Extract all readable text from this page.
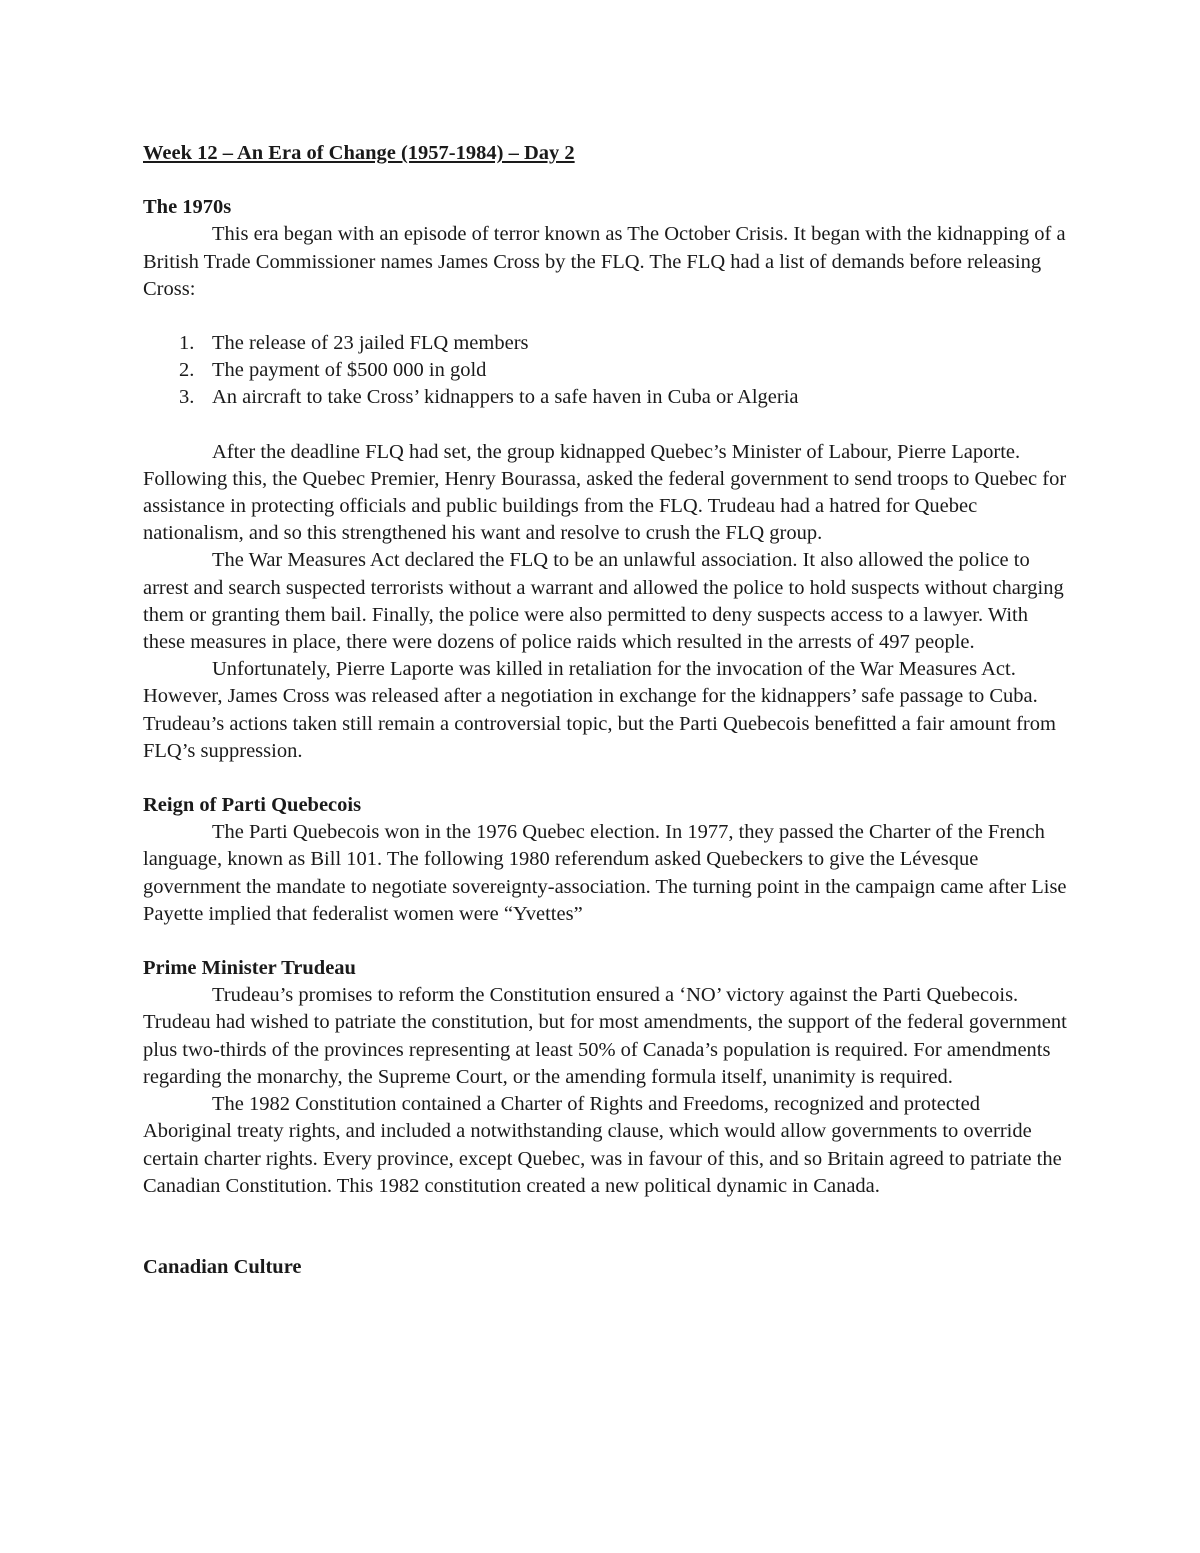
Week 12 – An Era of Change (1957-1984) – Day 2

The 1970s

This era began with an episode of terror known as The October Crisis. It began with the kidnapping of a British Trade Commissioner names James Cross by the FLQ. The FLQ had a list of demands before releasing Cross:

1. The release of 23 jailed FLQ members
2. The payment of $500 000 in gold
3. An aircraft to take Cross’ kidnappers to a safe haven in Cuba or Algeria

After the deadline FLQ had set, the group kidnapped Quebec’s Minister of Labour, Pierre Laporte. Following this, the Quebec Premier, Henry Bourassa, asked the federal government to send troops to Quebec for assistance in protecting officials and public buildings from the FLQ. Trudeau had a hatred for Quebec nationalism, and so this strengthened his want and resolve to crush the FLQ group.

The War Measures Act declared the FLQ to be an unlawful association. It also allowed the police to arrest and search suspected terrorists without a warrant and allowed the police to hold suspects without charging them or granting them bail. Finally, the police were also permitted to deny suspects access to a lawyer. With these measures in place, there were dozens of police raids which resulted in the arrests of 497 people.

Unfortunately, Pierre Laporte was killed in retaliation for the invocation of the War Measures Act. However, James Cross was released after a negotiation in exchange for the kidnappers’ safe passage to Cuba. Trudeau’s actions taken still remain a controversial topic, but the Parti Quebecois benefitted a fair amount from FLQ’s suppression.

Reign of Parti Quebecois

The Parti Quebecois won in the 1976 Quebec election. In 1977, they passed the Charter of the French language, known as Bill 101. The following 1980 referendum asked Quebeckers to give the Lévesque government the mandate to negotiate sovereignty-association. The turning point in the campaign came after Lise Payette implied that federalist women were “Yvettes”

Prime Minister Trudeau

Trudeau’s promises to reform the Constitution ensured a ‘NO’ victory against the Parti Quebecois. Trudeau had wished to patriate the constitution, but for most amendments, the support of the federal government plus two-thirds of the provinces representing at least 50% of Canada’s population is required. For amendments regarding the monarchy, the Supreme Court, or the amending formula itself, unanimity is required.

The 1982 Constitution contained a Charter of Rights and Freedoms, recognized and protected Aboriginal treaty rights, and included a notwithstanding clause, which would allow governments to override certain charter rights. Every province, except Quebec, was in favour of this, and so Britain agreed to patriate the Canadian Constitution. This 1982 constitution created a new political dynamic in Canada.

Canadian Culture
